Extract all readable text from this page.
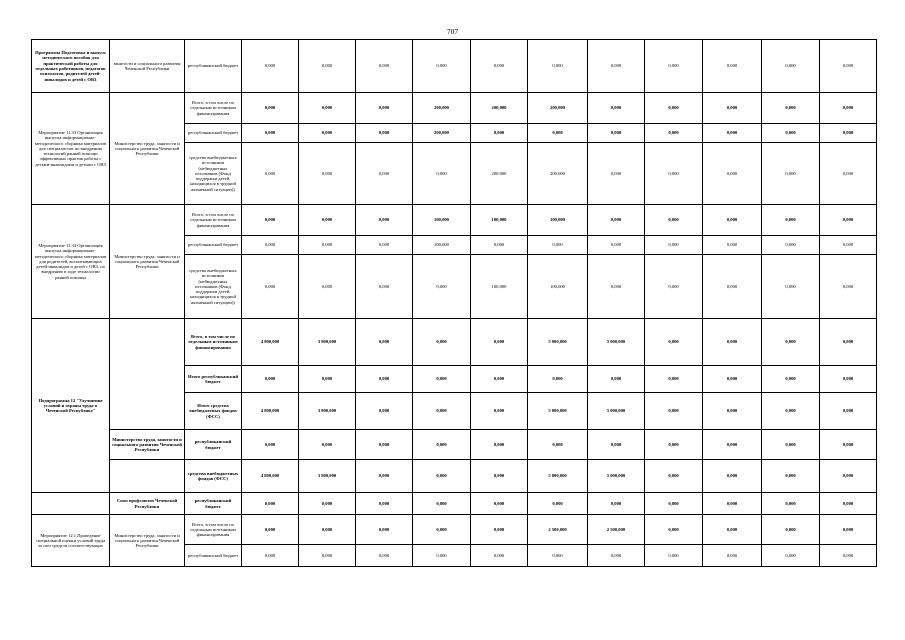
707
Программы Подготовка и выпуск методического пособия для практической работы для отдельных работников, педагогов психологов, родителей детей-инвалидов и детей с ОВЗ	занятости и социального развития Чеченской Республики	республиканский бюджет	0,000	0,000	0,000	0,000	0,000	0,000	0,000	0,000	0,000	0,000	0,000
Мероприятие 11.33 Организация выпуска информационно-методического сборника материалов для специалистов по внедрению технологий ранней помощи эффективных практик работы с детьми-инвалидами и детьми с ОВЗ	Министерство труда, занятости и социального развития Чеченской Республики	Всего, в том числе по отдельным источникам финансирования	0,000	0,000	0,000	200,000	200,000	200,000	0,000	0,000	0,000	0,000	0,000
		республиканский бюджет	0,000	0,000	0,000	200,000	0,000	0,000	0,000	0,000	0,000	0,000	0,000
		средства внебюджетных источников (небюджетных источников (Фонд поддержки детей, находящихся в трудной жизненной ситуации))	0,000	0,000	0,000	0,000	200,000	200,000	0,000	0,000	0,000	0,000	0,000
Мероприятие 11.34 Организация выпуска информационно-методического сборника материалов для родителей, воспитывающих детей-инвалидов и детей с ОВЗ, по внедрению в ходе технологии ранней помощи	Министерство труда, занятости и социального развития Чеченской Республики	Всего, в том числе по отдельным источникам финансирования	0,000	0,000	0,000	100,000	100,000	100,000	0,000	0,000	0,000	0,000	0,000
		республиканский бюджет	0,000	0,000	0,000	100,000	0,000	0,000	0,000	0,000	0,000	0,000	0,000
		средства внебюджетных источников (небюджетных источников (Фонд поддержки детей, находящихся в трудной жизненной ситуации))	0,000	0,000	0,000	0,000	100,000	100,000	0,000	0,000	0,000	0,000	0,000
Подпрограмма 12 "Улучшение условий и охраны труда в Чеченской Республике"		Всего, в том числе по отдельным источникам финансирования	4 800,000	3 800,000	0,000	0,000	0,000	5 000,000	5 000,000	0,000	0,000	0,000	0,000
		Итого республиканский бюджет	0,000	0,000	0,000	0,000	0,000	0,000	0,000	0,000	0,000	0,000	0,000
		Итого средства внебюджетных фондов (ФСС)	4 800,000	3 800,000	0,000	0,000	0,000	5 000,000	5 000,000	0,000	0,000	0,000	0,000
	Министерство труда, занятости и социального развития Чеченской Республики	республиканский бюджет	0,000	0,000	0,000	0,000	0,000	0,000	0,000	0,000	0,000	0,000	0,000
		средства внебюджетных фондов (ФСС)	4 800,000	3 800,000	0,000	0,000	0,000	5 000,000	5 000,000	0,000	0,000	0,000	0,000
	Союз профсоюзов Чеченской Республики	республиканский бюджет	0,000	0,000	0,000	0,000	0,000	0,000	0,000	0,000	0,000	0,000	0,000
Мероприятие 12.1 Проведение специальной оценки условий труда за счет средств соответствующих	Министерство труда, занятости и социального развития Чеченской Республики	Всего, в том числе по отдельным источникам финансирования	0,000	0,000	0,000	0,000	0,000	2 500,000	2 500,000	0,000	0,000	0,000	0,000
		республиканский бюджет	0,000	0,000	0,000	0,000	0,000	0,000	0,000	0,000	0,000	0,000	0,000
